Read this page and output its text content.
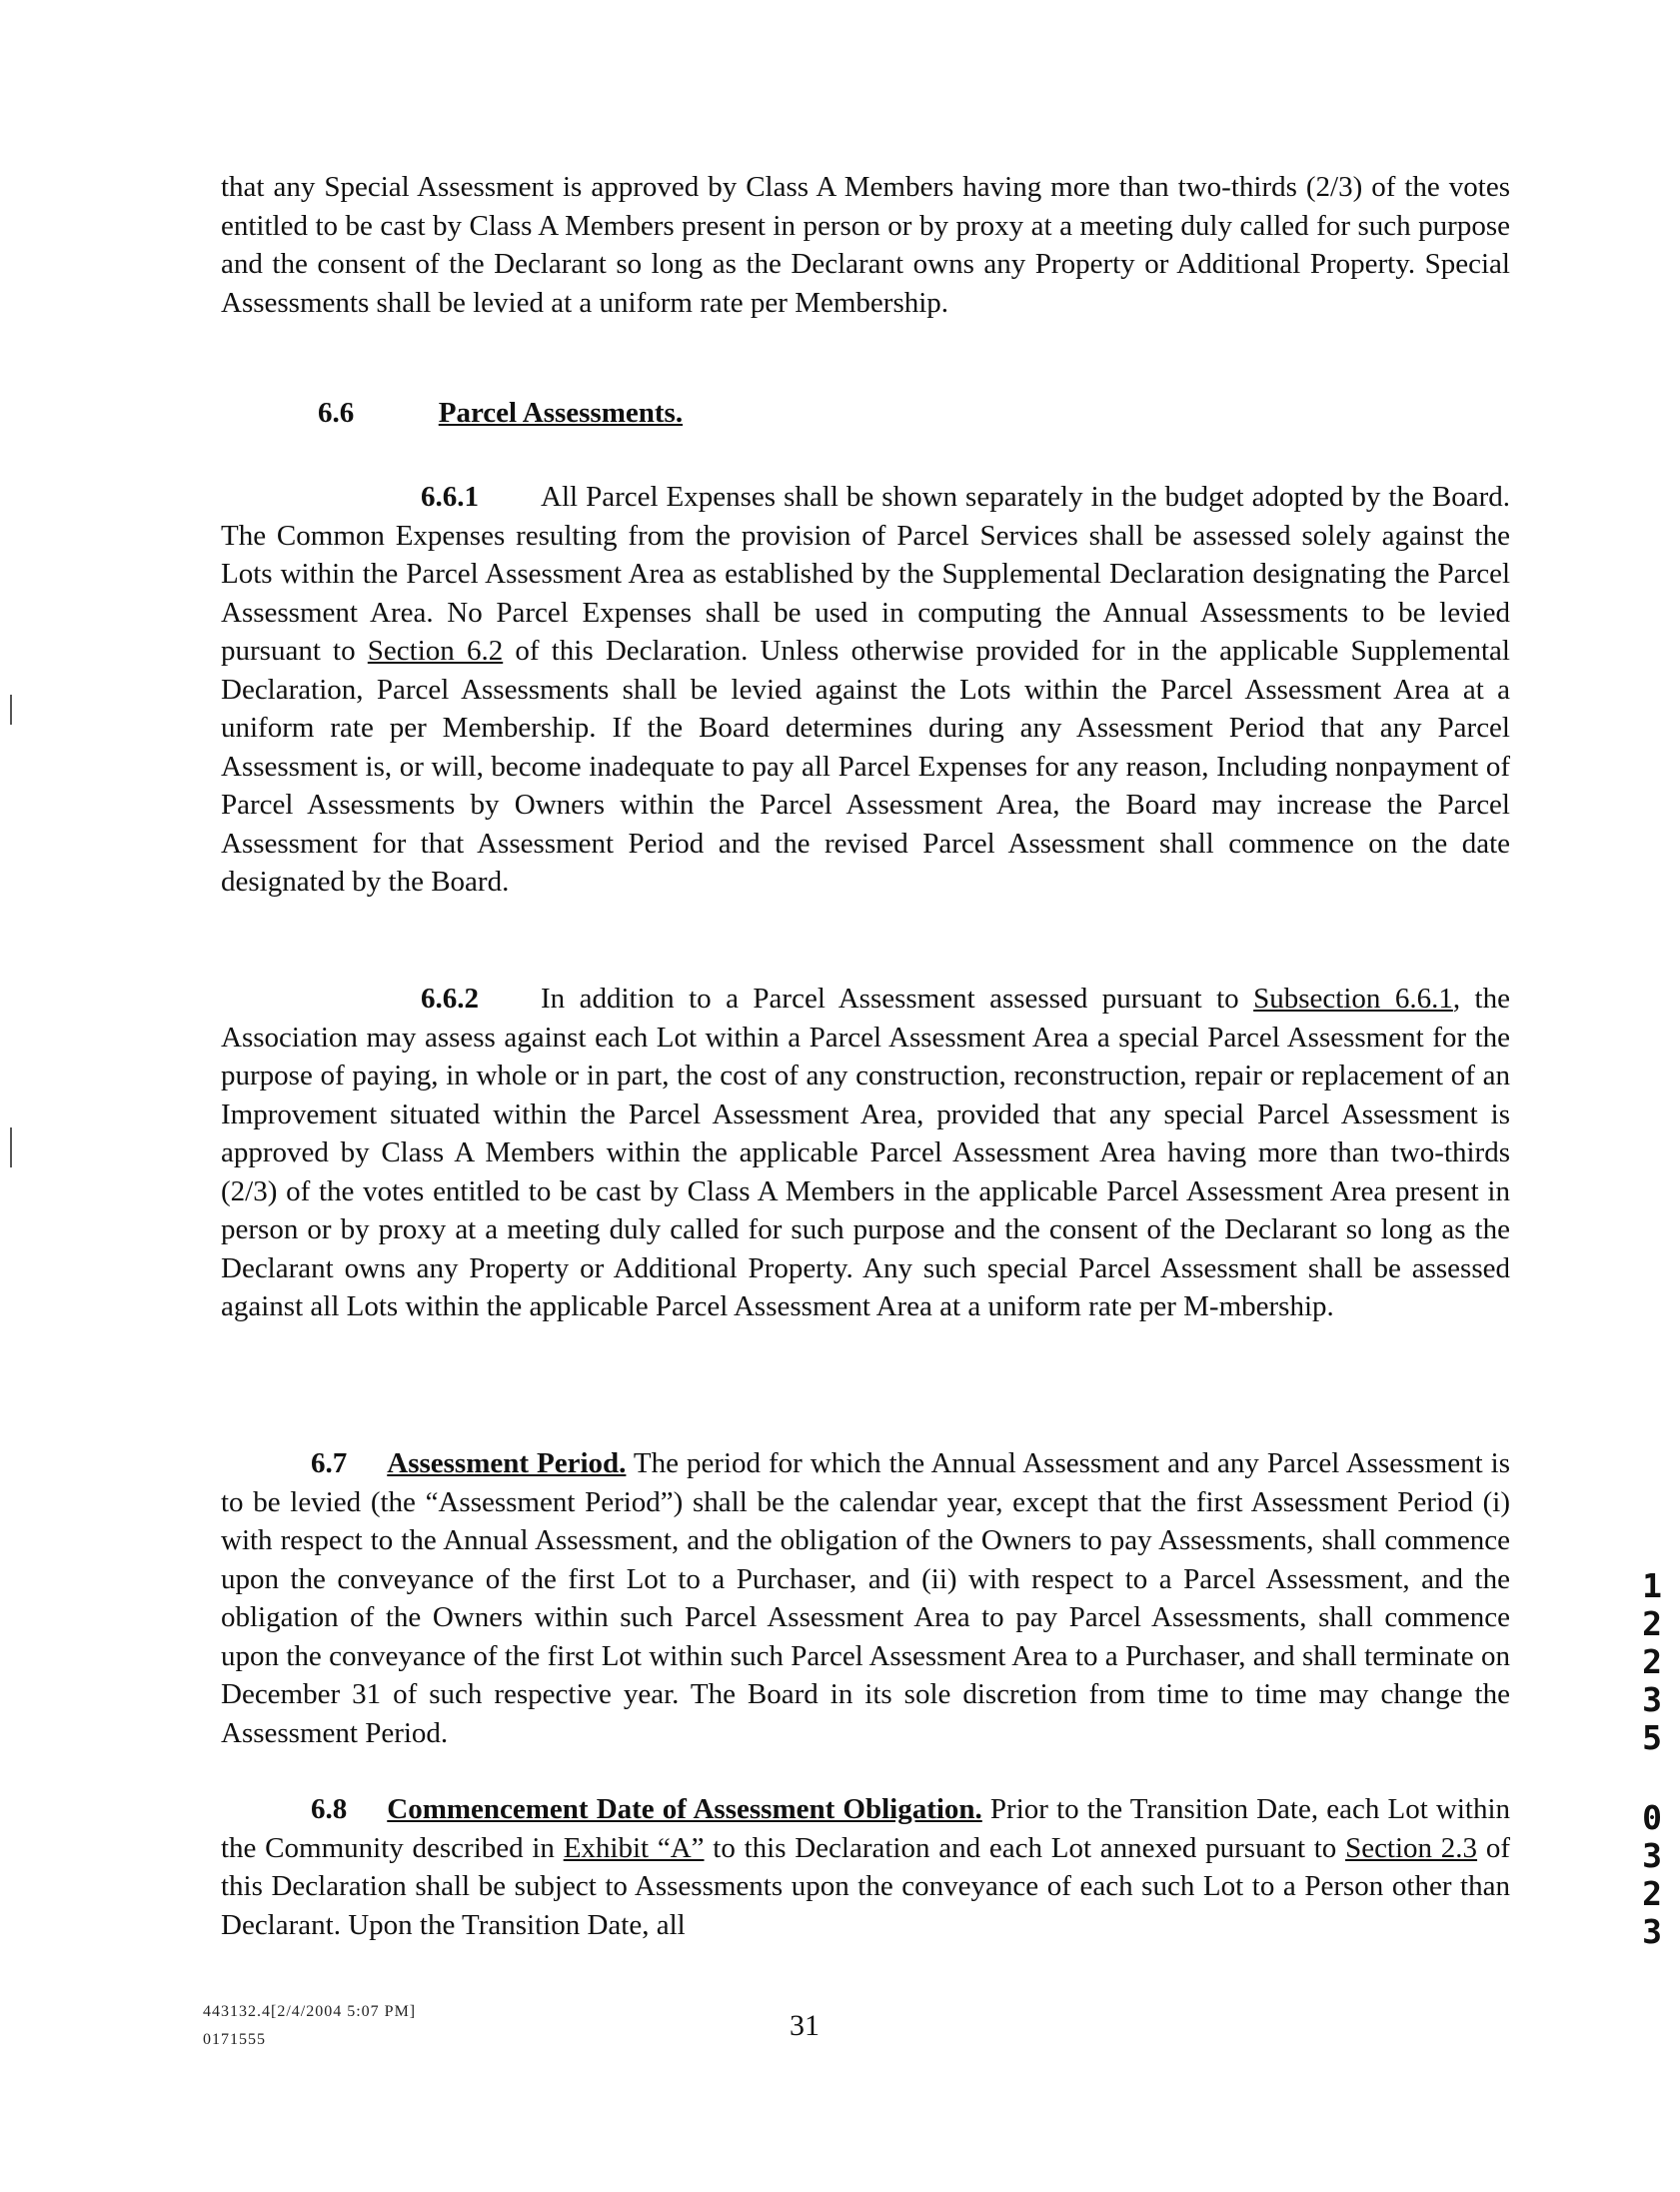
that any Special Assessment is approved by Class A Members having more than two-thirds (2/3) of the votes entitled to be cast by Class A Members present in person or by proxy at a meeting duly called for such purpose and the consent of the Declarant so long as the Declarant owns any Property or Additional Property. Special Assessments shall be levied at a uniform rate per Membership.
6.6	Parcel Assessments.
6.6.1 All Parcel Expenses shall be shown separately in the budget adopted by the Board. The Common Expenses resulting from the provision of Parcel Services shall be assessed solely against the Lots within the Parcel Assessment Area as established by the Supplemental Declaration designating the Parcel Assessment Area. No Parcel Expenses shall be used in computing the Annual Assessments to be levied pursuant to Section 6.2 of this Declaration. Unless otherwise provided for in the applicable Supplemental Declaration, Parcel Assessments shall be levied against the Lots within the Parcel Assessment Area at a uniform rate per Membership. If the Board determines during any Assessment Period that any Parcel Assessment is, or will, become inadequate to pay all Parcel Expenses for any reason, Including nonpayment of Parcel Assessments by Owners within the Parcel Assessment Area, the Board may increase the Parcel Assessment for that Assessment Period and the revised Parcel Assessment shall commence on the date designated by the Board.
6.6.2 In addition to a Parcel Assessment assessed pursuant to Subsection 6.6.1, the Association may assess against each Lot within a Parcel Assessment Area a special Parcel Assessment for the purpose of paying, in whole or in part, the cost of any construction, reconstruction, repair or replacement of an Improvement situated within the Parcel Assessment Area, provided that any special Parcel Assessment is approved by Class A Members within the applicable Parcel Assessment Area having more than two-thirds (2/3) of the votes entitled to be cast by Class A Members in the applicable Parcel Assessment Area present in person or by proxy at a meeting duly called for such purpose and the consent of the Declarant so long as the Declarant owns any Property or Additional Property. Any such special Parcel Assessment shall be assessed against all Lots within the applicable Parcel Assessment Area at a uniform rate per M-mbership.
6.7 Assessment Period. The period for which the Annual Assessment and any Parcel Assessment is to be levied (the “Assessment Period”) shall be the calendar year, except that the first Assessment Period (i) with respect to the Annual Assessment, and the obligation of the Owners to pay Assessments, shall commence upon the conveyance of the first Lot to a Purchaser, and (ii) with respect to a Parcel Assessment, and the obligation of the Owners within such Parcel Assessment Area to pay Parcel Assessments, shall commence upon the conveyance of the first Lot within such Parcel Assessment Area to a Purchaser, and shall terminate on December 31 of such respective year. The Board in its sole discretion from time to time may change the Assessment Period.
6.8 Commencement Date of Assessment Obligation. Prior to the Transition Date, each Lot within the Community described in Exhibit “A” to this Declaration and each Lot annexed pursuant to Section 2.3 of this Declaration shall be subject to Assessments upon the conveyance of each such Lot to a Person other than Declarant. Upon the Transition Date, all
443132.4[2/4/2004 5:07 PM]
0171555	31
1
2
2
3
5
0
3
2
3
